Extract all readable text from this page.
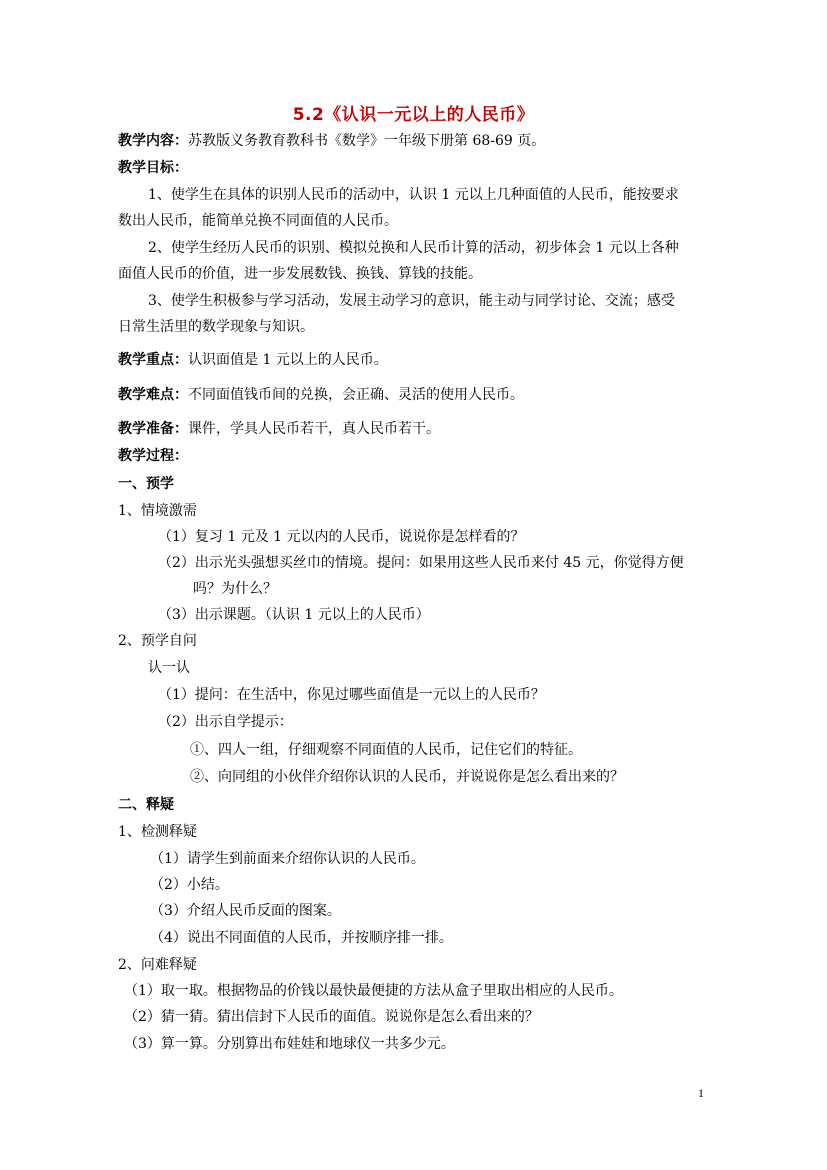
5.2《认识一元以上的人民币》
教学内容：苏教版义务教育教科书《数学》一年级下册第 68-69 页。
教学目标：
1、使学生在具体的识别人民币的活动中，认识 1 元以上几种面值的人民币，能按要求
数出人民币，能简单兑换不同面值的人民币。
2、使学生经历人民币的识别、模拟兑换和人民币计算的活动，初步体会 1 元以上各种
面值人民币的价值，进一步发展数钱、换钱、算钱的技能。
3、使学生积极参与学习活动，发展主动学习的意识，能主动与同学讨论、交流；感受
日常生活里的数学现象与知识。
教学重点：认识面值是 1 元以上的人民币。
教学难点：不同面值钱币间的兑换，会正确、灵活的使用人民币。
教学准备：课件，学具人民币若干，真人民币若干。
教学过程：
一、预学
1、情境激需
（1）复习 1 元及 1 元以内的人民币，说说你是怎样看的？
（2）出示光头强想买丝巾的情境。提问：如果用这些人民币来付 45 元，你觉得方便
吗？为什么？
（3）出示课题。（认识 1 元以上的人民币）
2、预学自问
认一认
（1）提问：在生活中，你见过哪些面值是一元以上的人民币？
（2）出示自学提示：
①、四人一组，仔细观察不同面值的人民币，记住它们的特征。
②、向同组的小伙伴介绍你认识的人民币，并说说你是怎么看出来的？
二、释疑
1、检测释疑
（1）请学生到前面来介绍你认识的人民币。
（2）小结。
（3）介绍人民币反面的图案。
（4）说出不同面值的人民币，并按顺序排一排。
2、问难释疑
（1）取一取。根据物品的价钱以最快最便捷的方法从盒子里取出相应的人民币。
（2）猜一猜。猜出信封下人民币的面值。说说你是怎么看出来的？
（3）算一算。分别算出布娃娃和地球仪一共多少元。
1
